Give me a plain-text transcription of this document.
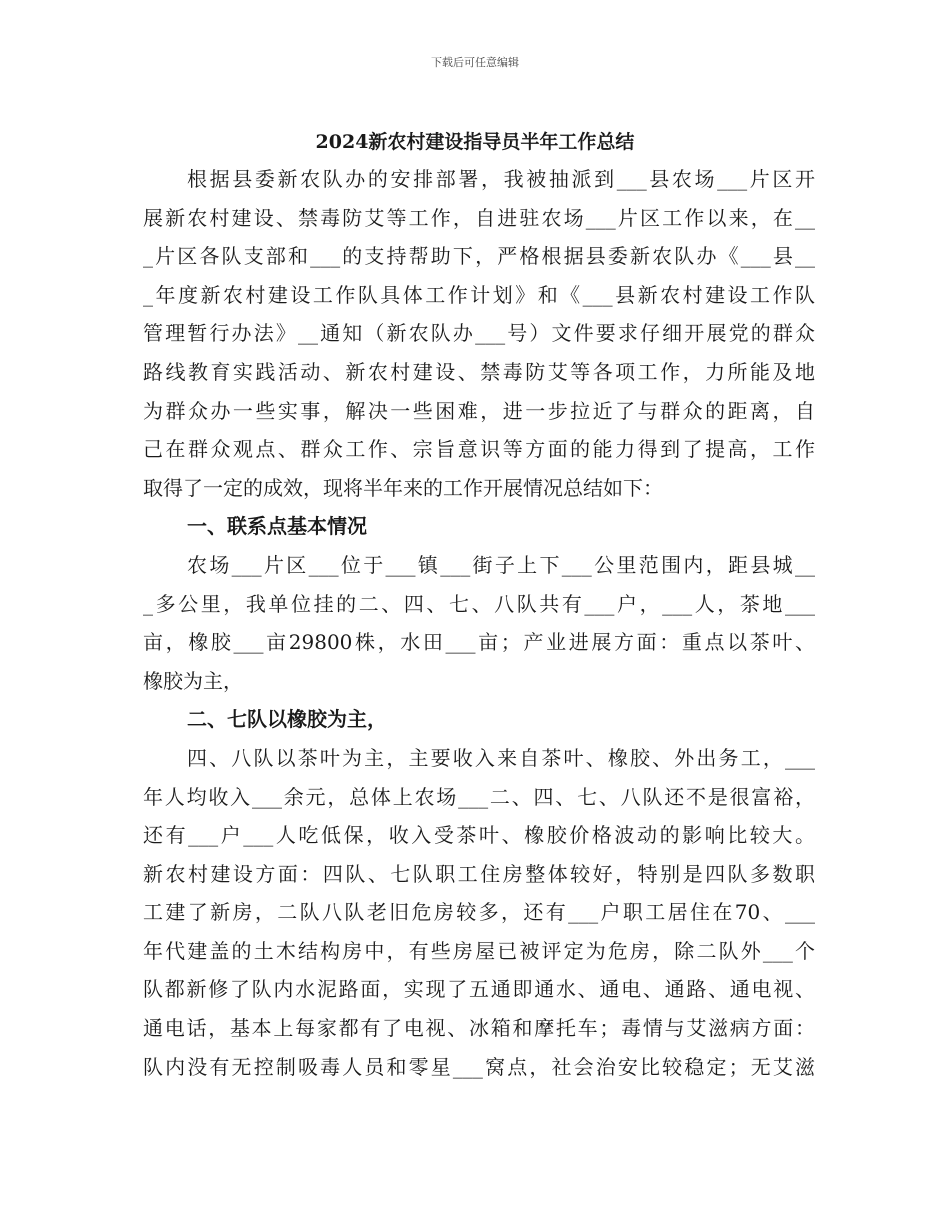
下载后可任意编辑
2024新农村建设指导员半年工作总结
根据县委新农队办的安排部署，我被抽派到___县农场___片区开
展新农村建设、禁毒防艾等工作，自进驻农场___片区工作以来，在__
_片区各队支部和___的支持帮助下，严格根据县委新农队办《___县__
_年度新农村建设工作队具体工作计划》和《___县新农村建设工作队
管理暂行办法》__通知（新农队办___号）文件要求仔细开展党的群众
路线教育实践活动、新农村建设、禁毒防艾等各项工作，力所能及地
为群众办一些实事，解决一些困难，进一步拉近了与群众的距离，自
己在群众观点、群众工作、宗旨意识等方面的能力得到了提高，工作
取得了一定的成效，现将半年来的工作开展情况总结如下：
一、联系点基本情况
农场___片区___位于___镇___街子上下___公里范围内，距县城__
_多公里，我单位挂的二、四、七、八队共有___户，___人，茶地___
亩，橡胶___亩29800株，水田___亩；产业进展方面：重点以茶叶、
橡胶为主，
二、七队以橡胶为主，
四、八队以茶叶为主，主要收入来自茶叶、橡胶、外出务工，___
年人均收入___余元，总体上农场___二、四、七、八队还不是很富裕，
还有___户___人吃低保，收入受茶叶、橡胶价格波动的影响比较大。
新农村建设方面：四队、七队职工住房整体较好，特别是四队多数职
工建了新房，二队八队老旧危房较多，还有___户职工居住在70、___
年代建盖的土木结构房中，有些房屋已被评定为危房，除二队外___个
队都新修了队内水泥路面，实现了五通即通水、通电、通路、通电视、
通电话，基本上每家都有了电视、冰箱和摩托车；毒情与艾滋病方面：
队内没有无控制吸毒人员和零星___窝点，社会治安比较稳定；无艾滋
